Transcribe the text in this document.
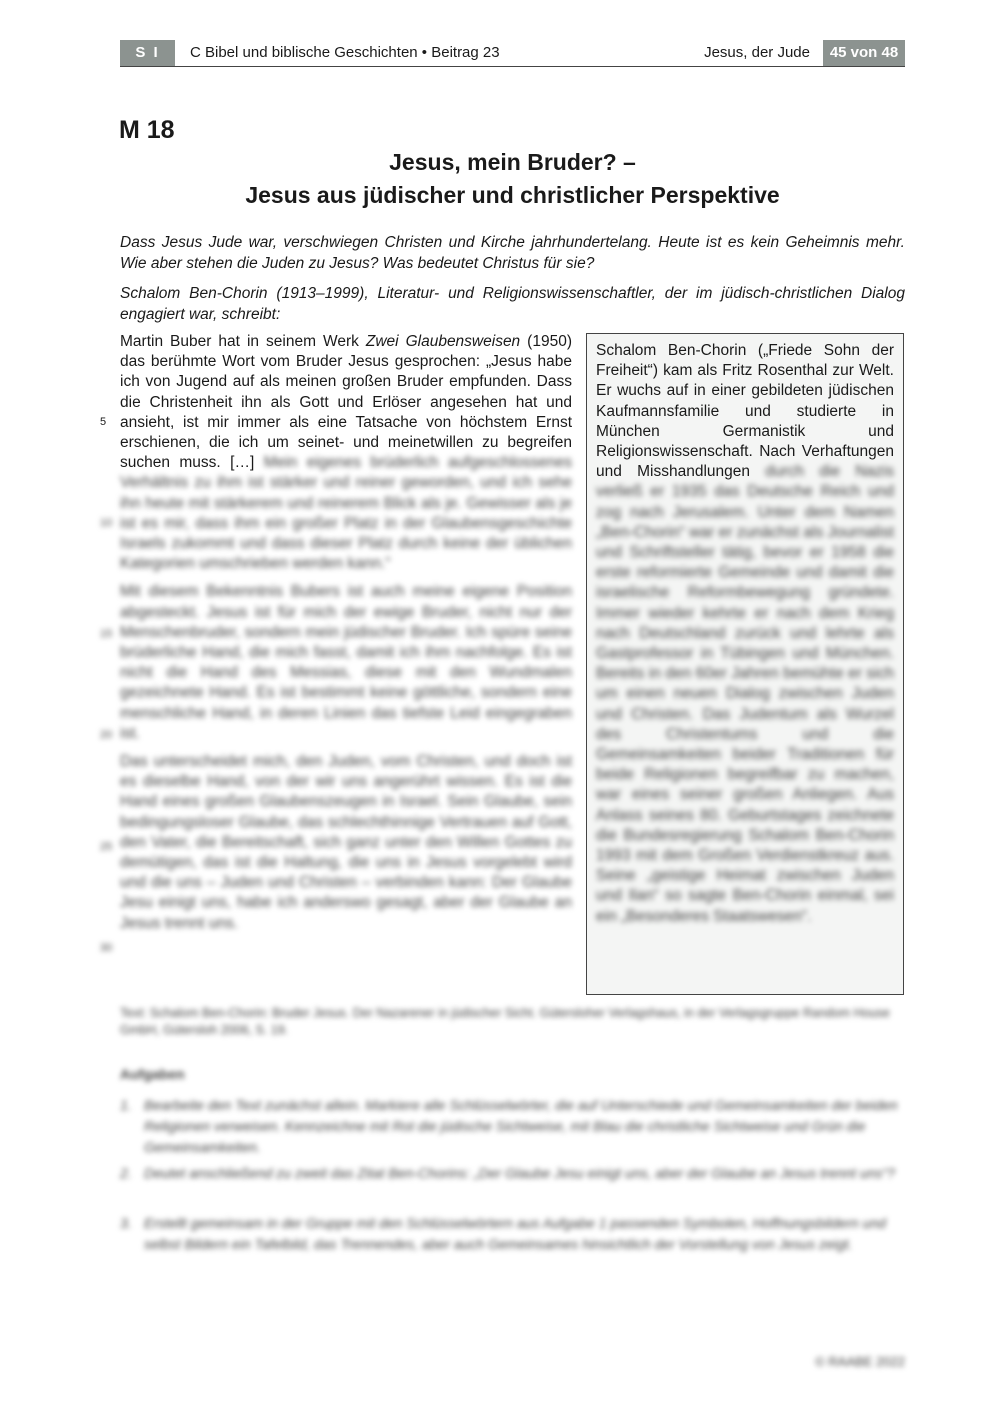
S I	C Bibel und biblische Geschichten • Beitrag 23	Jesus, der Jude	45 von 48
M 18
Jesus, mein Bruder? –
Jesus aus jüdischer und christlicher Perspektive
Dass Jesus Jude war, verschwiegen Christen und Kirche jahrhundertelang. Heute ist es kein Geheimnis mehr. Wie aber stehen die Juden zu Jesus? Was bedeutet Christus für sie?
Schalom Ben-Chorin (1913–1999), Literatur- und Religionswissenschaftler, der im jüdisch-christlichen Dialog engagiert war, schreibt:
5
10
15
20
25
30

Martin Buber hat in seinem Werk Zwei Glaubensweisen (1950) das berühmte Wort vom Bruder Jesus gesprochen: „Jesus habe ich von Jugend auf als meinen großen Bruder empfunden. Dass die Christenheit ihn als Gott und Erlöser angesehen hat und ansieht, ist mir immer als eine Tatsache von höchstem Ernst erschienen, die ich um seinet- und meinetwillen zu begreifen suchen muss. […] Mein eigenes brüderlich aufgeschlossenes Verhältnis zu ihm ist stärker und reiner geworden, und ich sehe ihn heute mit stärkerem und reinerem Blick als je. Gewisser als je ist es mir, dass ihm ein großer Platz in der Glaubensgeschichte Israels zukommt und dass dieser Platz durch keine der üblichen Kategorien umschrieben werden kann.“

Mit diesem Bekenntnis Bubers ist auch meine eigene Position abgesteckt. Jesus ist für mich der ewige Bruder, nicht nur der Menschenbruder, sondern mein jüdischer Bruder. Ich spüre seine brüderliche Hand, die mich fasst, damit ich ihm nachfolge. Es ist nicht die Hand des Messias, diese mit den Wundmalen gezeichnete Hand. Es ist bestimmt keine göttliche, sondern eine menschliche Hand, in deren Linien das tiefste Leid eingegraben ist.

Das unterscheidet mich, den Juden, vom Christen, und doch ist es dieselbe Hand, von der wir uns angerührt wissen. Es ist die Hand eines großen Glaubenszeugen in Israel. Sein Glaube, sein bedingungsloser Glaube, das schlechthinnige Vertrauen auf Gott, den Vater, die Bereitschaft, sich ganz unter den Willen Gottes zu demütigen, das ist die Haltung, die uns in Jesus vorgelebt wird und die uns – Juden und Christen – verbinden kann: Der Glaube Jesu einigt uns, habe ich anderswo gesagt, aber der Glaube an Jesus trennt uns.

Schalom Ben-Chorin („Friede Sohn der Freiheit“) kam als Fritz Rosenthal zur Welt. Er wuchs auf in einer gebildeten jüdischen Kaufmannsfamilie und studierte in München Germanistik und Religionswissenschaft. Nach Verhaftungen und Misshandlungen durch die Nazis verließ er 1935 das Deutsche Reich und zog nach Jerusalem. Unter dem Namen „Ben-Chorin“ war er zunächst als Journalist und Schriftsteller tätig, bevor er 1958 die erste reformierte Gemeinde und damit die israelische Reformbewegung gründete. Immer wieder kehrte er nach dem Krieg nach Deutschland zurück und lehrte als Gastprofessor in Tübingen und München. Bereits in den 60er Jahren bemühte er sich um einen neuen Dialog zwischen Juden und Christen. Das Judentum als Wurzel des Christentums und die Gemeinsamkeiten beider Traditionen für beide Religionen begreifbar zu machen, war eines seiner großen Anliegen. Aus Anlass seines 80. Geburtstages zeichnete die Bundesregierung Schalom Ben-Chorin 1993 mit dem Großen Verdienstkreuz aus. Seine „geistige Heimat zwischen Juden und Ilan“ so sagte Ben-Chorin einmal, sei ein „Besonderes Staatswesen“.

Text: Schalom Ben-Chorin: Bruder Jesus. Der Nazarener in jüdischer Sicht. Gütersloher Verlagshaus, in der Verlagsgruppe Random House GmbH, Gütersloh 2006, S. 19.
Aufgaben
1. Bearbeite den Text zunächst allein. Markiere alle Schlüsselwörter, die auf Unterschiede und Gemeinsamkeiten der beiden Religionen verweisen. Kennzeichne mit Rot die jüdische Sichtweise, mit Blau die christliche Sichtweise und Grün die Gemeinsamkeiten.
2. Deutet anschließend zu zweit das Zitat Ben-Chorins: „Der Glaube Jesu einigt uns, aber der Glaube an Jesus trennt uns“?
3. Erstellt gemeinsam in der Gruppe mit den Schlüsselwörtern aus Aufgabe 1 passenden Symbolen, Hoffnungsbildern und selbst Bildern ein Tafelbild, das Trennendes, aber auch Gemeinsames hinsichtlich der Vorstellung von Jesus zeigt.
© RAABE 2022
